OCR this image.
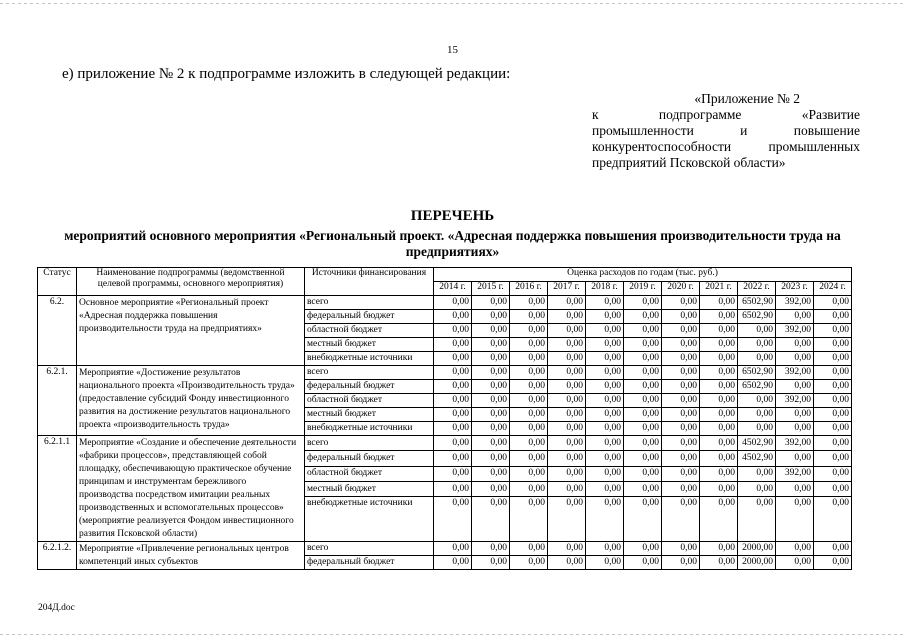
15
е) приложение № 2 к подпрограмме изложить в следующей редакции:
«Приложение № 2
к подпрограмме «Развитие
промышленности и повышение
конкурентоспособности промышленных
предприятий Псковской области»
ПЕРЕЧЕНЬ
мероприятий основного мероприятия «Региональный проект. «Адресная поддержка повышения производительности труда на предприятиях»
Статус	Наименование подпрограммы (ведомственной целевой программы, основного мероприятия)	Источники финансирования	Оценка расходов по годам (тыс. руб.)										
			2014 г.	2015 г.	2016 г.	2017 г.	2018 г.	2019 г.	2020 г.	2021 г.	2022 г.	2023 г.	2024 г.
6.2.	Основное мероприятие «Региональный проект «Адресная поддержка повышения производительности труда на предприятиях»	всего	0,00	0,00	0,00	0,00	0,00	0,00	0,00	0,00	6502,90	392,00	0,00
		федеральный бюджет	0,00	0,00	0,00	0,00	0,00	0,00	0,00	0,00	6502,90	0,00	0,00
		областной бюджет	0,00	0,00	0,00	0,00	0,00	0,00	0,00	0,00	0,00	392,00	0,00
		местный бюджет	0,00	0,00	0,00	0,00	0,00	0,00	0,00	0,00	0,00	0,00	0,00
		внебюджетные источники	0,00	0,00	0,00	0,00	0,00	0,00	0,00	0,00	0,00	0,00	0,00
6.2.1.	Мероприятие «Достижение результатов национального проекта «Производительность труда» (предоставление субсидий Фонду инвестиционного развития на достижение результатов национального проекта «производительность труда»	всего	0,00	0,00	0,00	0,00	0,00	0,00	0,00	0,00	6502,90	392,00	0,00
		федеральный бюджет	0,00	0,00	0,00	0,00	0,00	0,00	0,00	0,00	6502,90	0,00	0,00
		областной бюджет	0,00	0,00	0,00	0,00	0,00	0,00	0,00	0,00	0,00	392,00	0,00
		местный бюджет	0,00	0,00	0,00	0,00	0,00	0,00	0,00	0,00	0,00	0,00	0,00
		внебюджетные источники	0,00	0,00	0,00	0,00	0,00	0,00	0,00	0,00	0,00	0,00	0,00
6.2.1.1	Мероприятие «Создание и обеспечение деятельности «фабрики процессов», представляющей собой площадку, обеспечивающую практическое обучение принципам и инструментам бережливого производства посредством имитации реальных производственных и вспомогательных процессов» (мероприятие реализуется Фондом инвестиционного развития Псковской области)	всего	0,00	0,00	0,00	0,00	0,00	0,00	0,00	0,00	4502,90	392,00	0,00
		федеральный бюджет	0,00	0,00	0,00	0,00	0,00	0,00	0,00	0,00	4502,90	0,00	0,00
		областной бюджет	0,00	0,00	0,00	0,00	0,00	0,00	0,00	0,00	0,00	392,00	0,00
		местный бюджет	0,00	0,00	0,00	0,00	0,00	0,00	0,00	0,00	0,00	0,00	0,00
		внебюджетные источники	0,00	0,00	0,00	0,00	0,00	0,00	0,00	0,00	0,00	0,00	0,00
6.2.1.2.	Мероприятие «Привлечение региональных центров компетенций иных субъектов	всего	0,00	0,00	0,00	0,00	0,00	0,00	0,00	0,00	2000,00	0,00	0,00
		федеральный бюджет	0,00	0,00	0,00	0,00	0,00	0,00	0,00	0,00	2000,00	0,00	0,00
204Д.doc
